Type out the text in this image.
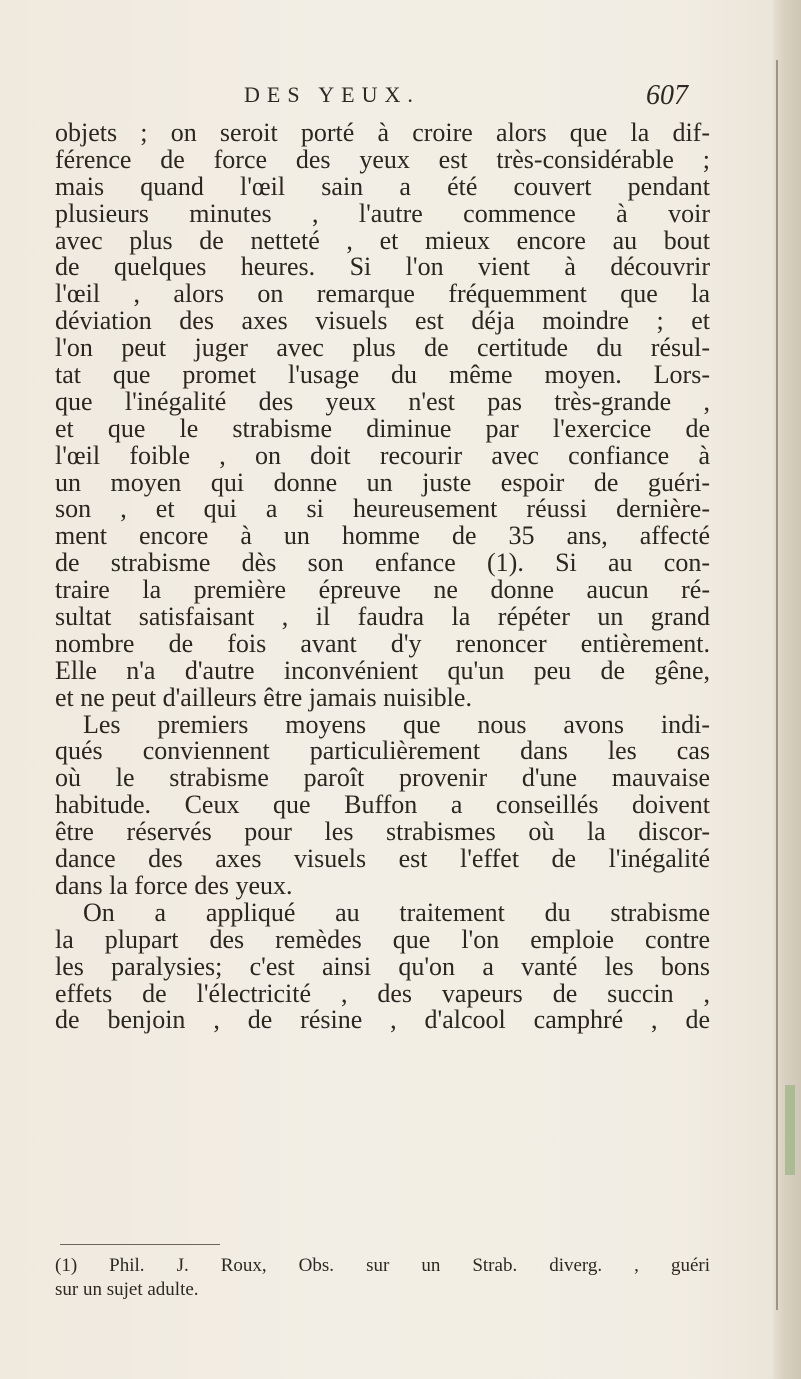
DES YEUX.	607
objets ; on seroit porté à croire alors que la dif-
férence de force des yeux est très-considérable ;
mais quand l'œil sain a été couvert pendant
plusieurs minutes , l'autre commence à voir
avec plus de netteté , et mieux encore au bout
de quelques heures. Si l'on vient à découvrir
l'œil , alors on remarque fréquemment que la
déviation des axes visuels est déja moindre ; et
l'on peut juger avec plus de certitude du résul-
tat que promet l'usage du même moyen. Lors-
que l'inégalité des yeux n'est pas très-grande ,
et que le strabisme diminue par l'exercice de
l'œil foible , on doit recourir avec confiance à
un moyen qui donne un juste espoir de guéri-
son , et qui a si heureusement réussi dernière-
ment encore à un homme de 35 ans, affecté
de strabisme dès son enfance (1). Si au con-
traire la première épreuve ne donne aucun ré-
sultat satisfaisant , il faudra la répéter un grand
nombre de fois avant d'y renoncer entièrement.
Elle n'a d'autre inconvénient qu'un peu de gêne,
et ne peut d'ailleurs être jamais nuisible.
Les premiers moyens que nous avons indi-
qués conviennent particulièrement dans les cas
où le strabisme paroît provenir d'une mauvaise
habitude. Ceux que Buffon a conseillés doivent
être réservés pour les strabismes où la discor-
dance des axes visuels est l'effet de l'inégalité
dans la force des yeux.
On a appliqué au traitement du strabisme
la plupart des remèdes que l'on emploie contre
les paralysies; c'est ainsi qu'on a vanté les bons
effets de l'électricité , des vapeurs de succin ,
de benjoin , de résine , d'alcool camphré , de
(1) Phil. J. Roux, Obs. sur un Strab. diverg. , guéri
sur un sujet adulte.
